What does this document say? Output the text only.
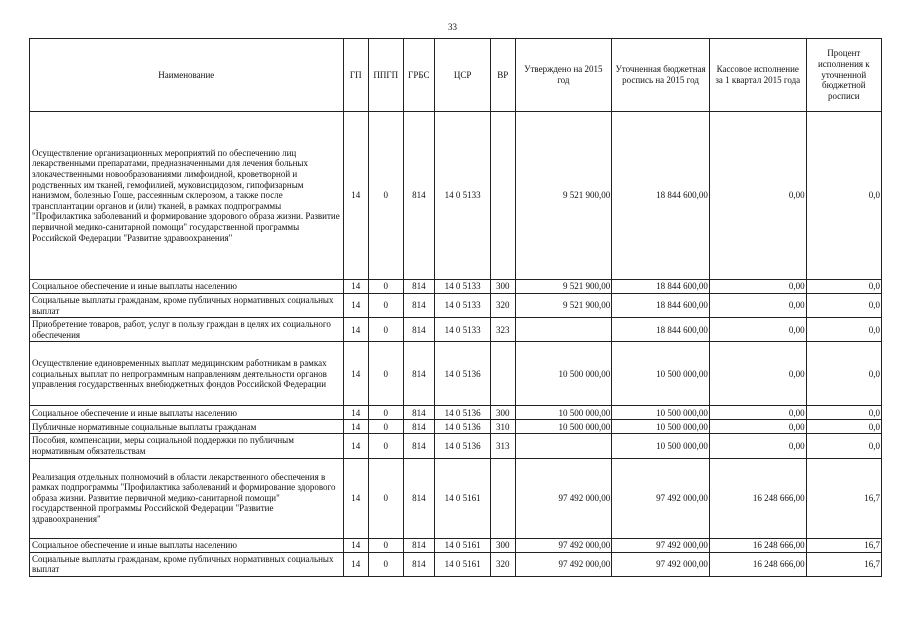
33
Наименование	ГП	ППГП	ГРБС	ЦСР	ВР	Утверждено на 2015 год	Уточненная бюджетная роспись на 2015 год	Кассовое исполнение за 1 квартал 2015 года	Процент исполнения к уточненной бюджетной росписи
Осуществление организационных мероприятий по обеспечению лиц лекарственными препаратами, предназначенными для лечения больных злокачественными новообразованиями лимфоидной, кроветворной и родственных им тканей, гемофилией, муковисцидозом, гипофизарным нанизмом, болезнью Гоше, рассеянным склерозом, а также после трансплантации органов и (или) тканей, в рамках подпрограммы "Профилактика заболеваний и формирование здорового образа жизни. Развитие первичной медико-санитарной помощи" государственной программы Российской Федерации "Развитие здравоохранения"	14	0	814	14 0 5133		9 521 900,00	18 844 600,00	0,00	0,0
Социальное обеспечение и иные выплаты населению	14	0	814	14 0 5133	300	9 521 900,00	18 844 600,00	0,00	0,0
Социальные выплаты гражданам, кроме публичных нормативных социальных выплат	14	0	814	14 0 5133	320	9 521 900,00	18 844 600,00	0,00	0,0
Приобретение товаров, работ, услуг в пользу граждан в целях их социального обеспечения	14	0	814	14 0 5133	323		18 844 600,00	0,00	0,0
Осуществление единовременных выплат медицинским работникам в рамках социальных выплат по непрограммным направлениям деятельности органов управления государственных внебюджетных фондов Российской Федерации	14	0	814	14 0 5136		10 500 000,00	10 500 000,00	0,00	0,0
Социальное обеспечение и иные выплаты населению	14	0	814	14 0 5136	300	10 500 000,00	10 500 000,00	0,00	0,0
Публичные нормативные социальные выплаты гражданам	14	0	814	14 0 5136	310	10 500 000,00	10 500 000,00	0,00	0,0
Пособия, компенсации, меры социальной поддержки по публичным нормативным обязательствам	14	0	814	14 0 5136	313		10 500 000,00	0,00	0,0
Реализация отдельных полномочий в области лекарственного обеспечения в рамках подпрограммы "Профилактика заболеваний и формирование здорового образа жизни. Развитие первичной медико-санитарной помощи" государственной программы Российской Федерации "Развитие здравоохранения"	14	0	814	14 0 5161		97 492 000,00	97 492 000,00	16 248 666,00	16,7
Социальное обеспечение и иные выплаты населению	14	0	814	14 0 5161	300	97 492 000,00	97 492 000,00	16 248 666,00	16,7
Социальные выплаты гражданам, кроме публичных нормативных социальных выплат	14	0	814	14 0 5161	320	97 492 000,00	97 492 000,00	16 248 666,00	16,7
